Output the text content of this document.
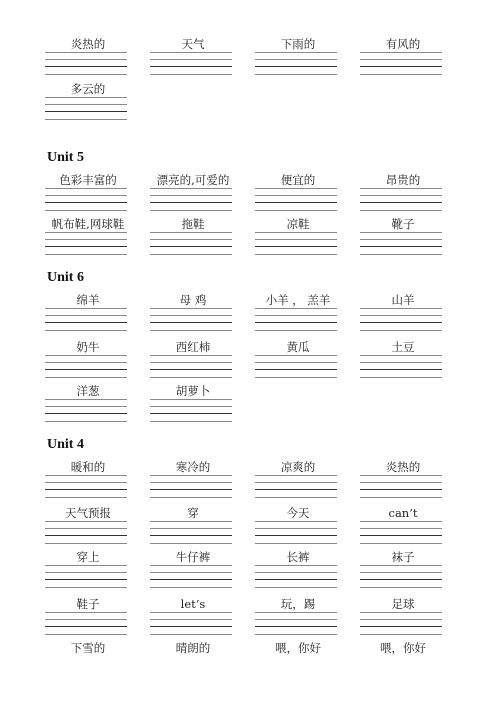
Unit 5
Unit 6
Unit 4
炎热的	天气	下雨的	有风的
多云的
色彩丰富的	漂亮的,可爱的	便宜的	昂贵的
帆布鞋,网球鞋	拖鞋	凉鞋	靴子
绵羊	母 鸡	小羊 ， 羔羊	山羊
奶牛	西红柿	黄瓜	土豆
洋葱	胡萝卜
暖和的	寒冷的	凉爽的	炎热的
天气预报	穿	今天	can’t
穿上	牛仔裤	长裤	袜子
鞋子	let’s	玩，踢	足球
下雪的	晴朗的	喂，你好	喂，你好
